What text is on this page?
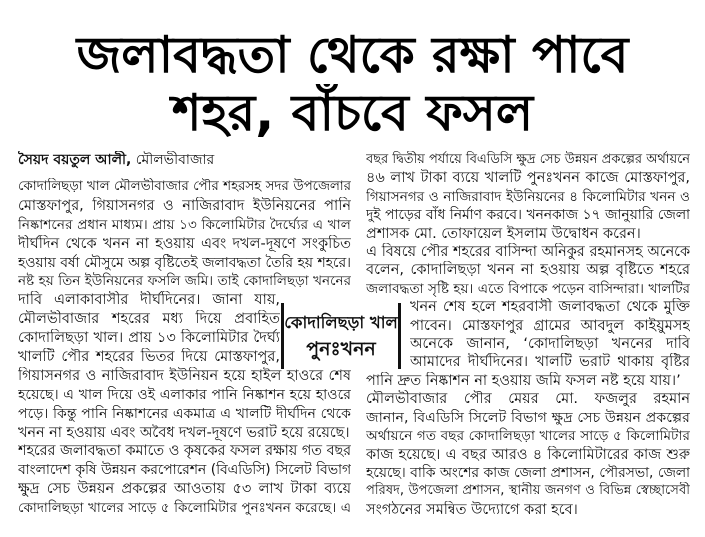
জলাবদ্ধতা থেকে রক্ষা পাবে
শহর, বাঁচবে ফসল
সৈয়দ বয়তুল আলী, মৌলভীবাজার
কোদালিছড়া খাল মৌলভীবাজার পৌর শহরসহ সদর উপজেলার
মোস্তফাপুর, গিয়াসনগর ও নাজিরাবাদ ইউনিয়নের পানি
নিষ্কাশনের প্রধান মাধ্যম। প্রায় ১৩ কিলোমিটার দৈর্ঘ্যের এ খাল
দীর্ঘদিন থেকে খনন না হওয়ায় এবং দখল-দূষণে সংকুচিত
হওয়ায় বর্ষা মৌসুমে অল্প বৃষ্টিতেই জলাবদ্ধতা তৈরি হয় শহরে।
নষ্ট হয় তিন ইউনিয়নের ফসলি জমি। তাই কোদালিছড়া খননের
দাবি এলাকাবাসীর দীর্ঘদিনের। জানা যায়,
মৌলভীবাজার শহরের মধ্য দিয়ে প্রবাহিত
কোদালিছড়া খাল। প্রায় ১৩ কিলোমিটার দৈর্ঘ্য
খালটি পৌর শহরের ভিতর দিয়ে মোস্তফাপুর,
গিয়াসনগর ও নাজিরাবাদ ইউনিয়ন হয়ে হাইল হাওরে শেষ
হয়েছে। এ খাল দিয়ে ওই এলাকার পানি নিষ্কাশন হয়ে হাওরে
পড়ে। কিন্তু পানি নিষ্কাশনের একমাত্র এ খালটি দীর্ঘদিন থেকে
খনন না হওয়ায় এবং অবৈধ দখল-দূষণে ভরাট হয়ে রয়েছে।
শহরের জলাবদ্ধতা কমাতে ও কৃষকের ফসল রক্ষায় গত বছর
বাংলাদেশ কৃষি উন্নয়ন করপোরেশন (বিএডিসি) সিলেট বিভাগ
ক্ষুদ্র সেচ উন্নয়ন প্রকল্পের আওতায় ৫৩ লাখ টাকা ব্যয়ে
কোদালিছড়া খালের সাড়ে ৫ কিলোমিটার পুনঃখনন করেছে। এ
কোদালিছড়া খাল
পুনঃখনন
বছর দ্বিতীয় পর্যায়ে বিএডিসি ক্ষুদ্র সেচ উন্নয়ন প্রকল্পের অর্থায়নে
৪৬ লাখ টাকা ব্যয়ে খালটি পুনঃখনন কাজে মোস্তফাপুর,
গিয়াসনগর ও নাজিরাবাদ ইউনিয়নের ৪ কিলোমিটার খনন ও
দুই পাড়ের বাঁধ নির্মাণ করবে। খননকাজ ১৭ জানুয়ারি জেলা
প্রশাসক মো. তোফায়েল ইসলাম উদ্বোধন করেন।
এ বিষয়ে পৌর শহরের বাসিন্দা অনিকুর রহমানসহ অনেকে
বলেন, কোদালিছড়া খনন না হওয়ায় অল্প বৃষ্টিতে শহরে
জলাবদ্ধতা সৃষ্টি হয়। এতে বিপাকে পড়েন বাসিন্দারা। খালটির
খনন শেষ হলে শহরবাসী জলাবদ্ধতা থেকে মুক্তি
পাবেন। মোস্তফাপুর গ্রামের আবদুল কাইয়ুমসহ
অনেকে জানান, ‘কোদালিছড়া খননের দাবি
আমাদের দীর্ঘদিনের। খালটি ভরাট থাকায় বৃষ্টির
পানি দ্রুত নিষ্কাশন না হওয়ায় জমি ফসল নষ্ট হয়ে যায়।’
মৌলভীবাজার পৌর মেয়র মো. ফজলুর রহমান
জানান, বিএডিসি সিলেট বিভাগ ক্ষুদ্র সেচ উন্নয়ন প্রকল্পের
অর্থায়নে গত বছর কোদালিছড়া খালের সাড়ে ৫ কিলোমিটার
কাজ হয়েছে। এ বছর আরও ৪ কিলোমিটারের কাজ শুরু
হয়েছে। বাকি অংশের কাজ জেলা প্রশাসন, পৌরসভা, জেলা
পরিষদ, উপজেলা প্রশাসন, স্থানীয় জনগণ ও বিভিন্ন স্বেচ্ছাসেবী
সংগঠনের সমন্বিত উদ্যোগে করা হবে।
